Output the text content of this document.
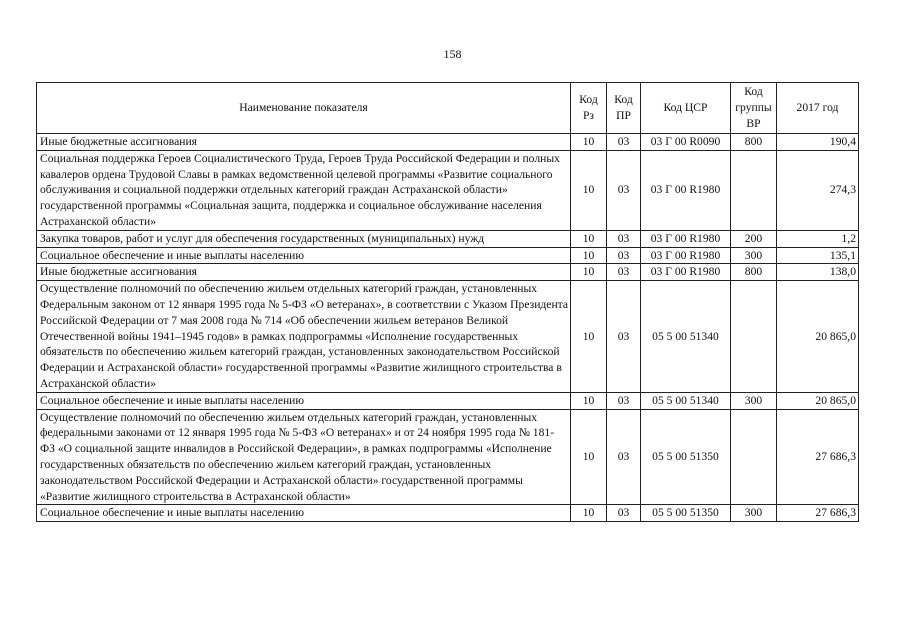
158
Наименование показателя	Код Рз	Код ПР	Код ЦСР	Код группы ВР	2017 год
Иные бюджетные ассигнования	10	03	03 Г 00 R0090	800	190,4
Социальная поддержка Героев Социалистического Труда, Героев Труда Российской Федерации и полных кавалеров ордена Трудовой Славы в рамках ведомственной целевой программы «Развитие социального обслуживания и социальной поддержки отдельных категорий граждан Астраханской области» государственной программы «Социальная защита, поддержка и социальное обслуживание населения Астраханской области»	10	03	03 Г 00 R1980		274,3
Закупка товаров, работ и услуг для обеспечения государственных (муниципальных) нужд	10	03	03 Г 00 R1980	200	1,2
Социальное обеспечение и иные выплаты населению	10	03	03 Г 00 R1980	300	135,1
Иные бюджетные ассигнования	10	03	03 Г 00 R1980	800	138,0
Осуществление полномочий по обеспечению жильем отдельных категорий граждан, установленных Федеральным законом от 12 января 1995 года № 5-ФЗ «О ветеранах», в соответствии с Указом Президента Российской Федерации от 7 мая 2008 года № 714 «Об обеспечении жильем ветеранов Великой Отечественной войны 1941–1945 годов» в рамках подпрограммы «Исполнение государственных обязательств по обеспечению жильем категорий граждан, установленных законодательством Российской Федерации и Астраханской области» государственной программы «Развитие жилищного строительства в Астраханской области»	10	03	05 5 00 51340		20 865,0
Социальное обеспечение и иные выплаты населению	10	03	05 5 00 51340	300	20 865,0
Осуществление полномочий по обеспечению жильем отдельных категорий граждан, установленных федеральными законами от 12 января 1995 года № 5-ФЗ «О ветеранах» и от 24 ноября 1995 года № 181-ФЗ «О социальной защите инвалидов в Российской Федерации», в рамках подпрограммы «Исполнение государственных обязательств по обеспечению жильем категорий граждан, установленных законодательством Российской Федерации и Астраханской области» государственной программы «Развитие жилищного строительства в Астраханской области»	10	03	05 5 00 51350		27 686,3
Социальное обеспечение и иные выплаты населению	10	03	05 5 00 51350	300	27 686,3
